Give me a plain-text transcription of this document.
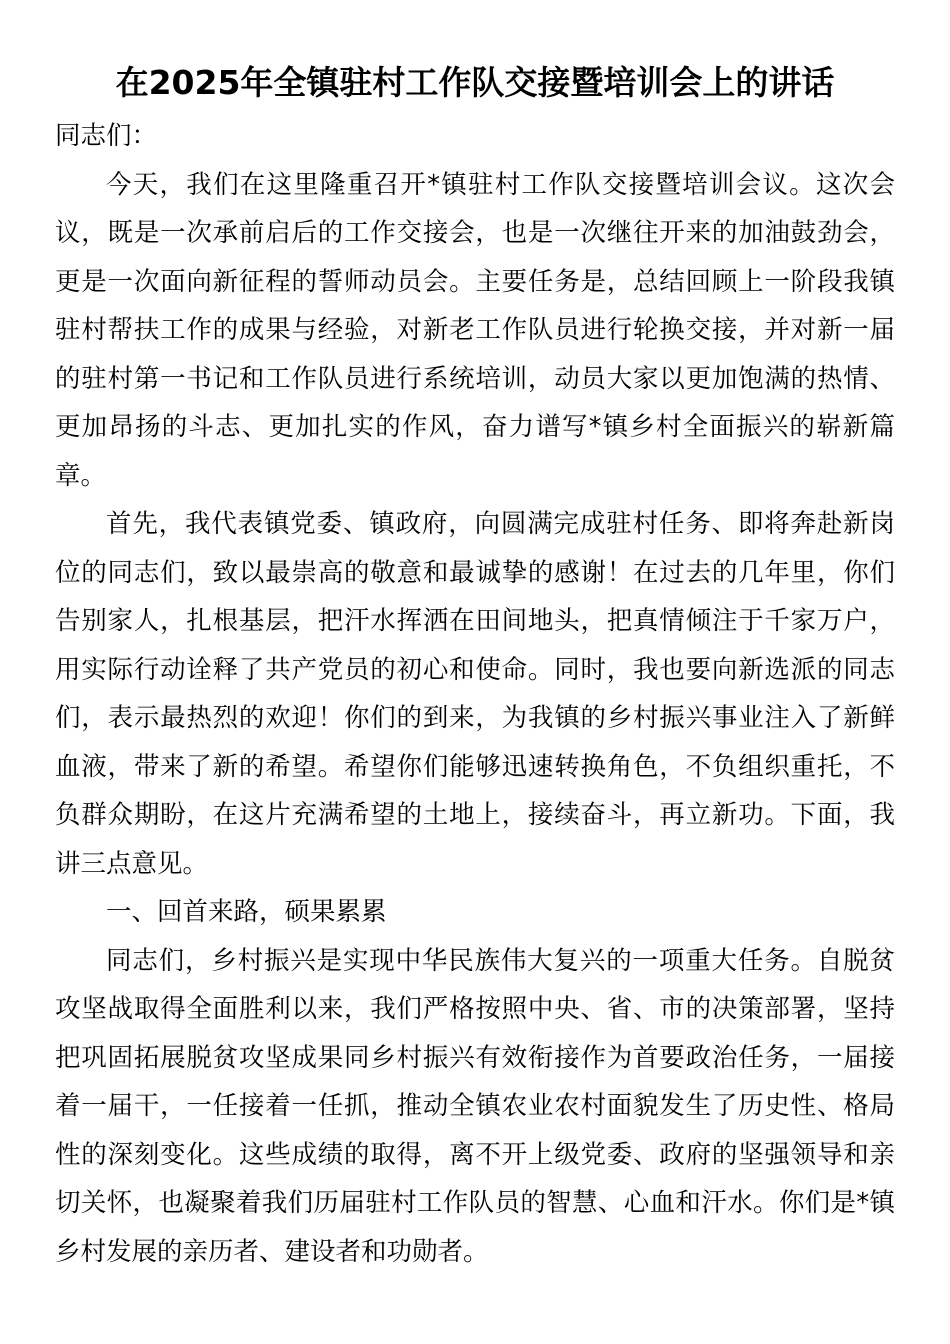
在2025年全镇驻村工作队交接暨培训会上的讲话

同志们：

今天，我们在这里隆重召开*镇驻村工作队交接暨培训会议。这次会议，既是一次承前启后的工作交接会，也是一次继往开来的加油鼓劲会，更是一次面向新征程的誓师动员会。主要任务是，总结回顾上一阶段我镇驻村帮扶工作的成果与经验，对新老工作队员进行轮换交接，并对新一届的驻村第一书记和工作队员进行系统培训，动员大家以更加饱满的热情、更加昂扬的斗志、更加扎实的作风，奋力谱写*镇乡村全面振兴的崭新篇章。

首先，我代表镇党委、镇政府，向圆满完成驻村任务、即将奔赴新岗位的同志们，致以最崇高的敬意和最诚挚的感谢！在过去的几年里，你们告别家人，扎根基层，把汗水挥洒在田间地头，把真情倾注于千家万户，用实际行动诠释了共产党员的初心和使命。同时，我也要向新选派的同志们，表示最热烈的欢迎！你们的到来，为我镇的乡村振兴事业注入了新鲜血液，带来了新的希望。希望你们能够迅速转换角色，不负组织重托，不负群众期盼，在这片充满希望的土地上，接续奋斗，再立新功。下面，我讲三点意见。

一、回首来路，硕果累累

同志们，乡村振兴是实现中华民族伟大复兴的一项重大任务。自脱贫攻坚战取得全面胜利以来，我们严格按照中央、省、市的决策部署，坚持把巩固拓展脱贫攻坚成果同乡村振兴有效衔接作为首要政治任务，一届接着一届干，一任接着一任抓，推动全镇农业农村面貌发生了历史性、格局性的深刻变化。这些成绩的取得，离不开上级党委、政府的坚强领导和亲切关怀，也凝聚着我们历届驻村工作队员的智慧、心血和汗水。你们是*镇乡村发展的亲历者、建设者和功勋者。
